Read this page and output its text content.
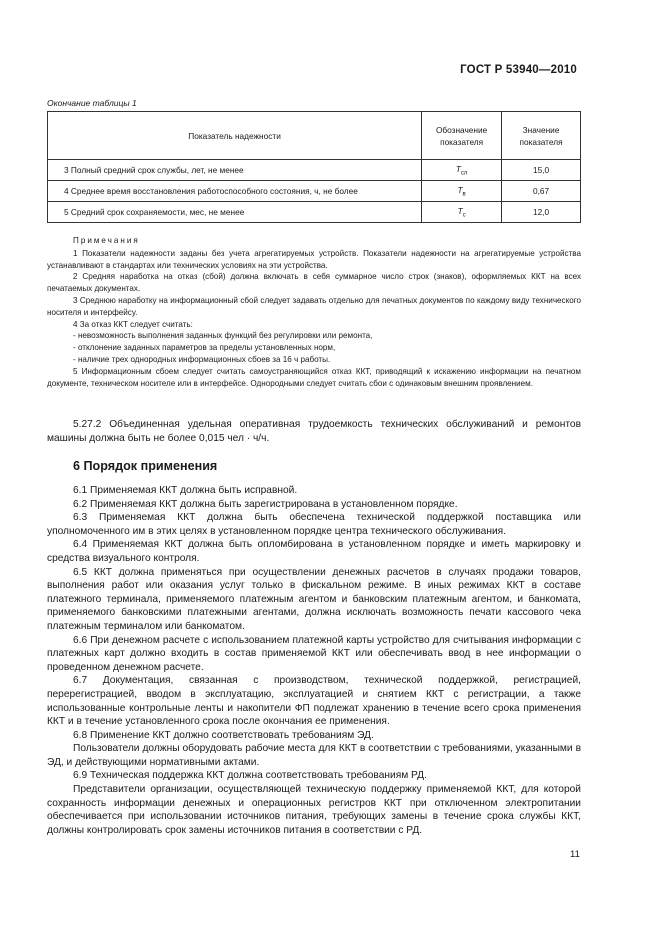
ГОСТ Р 53940—2010
Окончание таблицы 1
Показатель надежности	Обозначение показателя	Значение показателя
3 Полный средний срок службы, лет, не менее	$T_{сл}$	15,0
4 Среднее время восстановления работоспособного состояния, ч, не более	$T_в$	0,67
5 Средний срок сохраняемости, мес, не менее	$T_с$	12,0

Примечания

1 Показатели надежности заданы без учета агрегатируемых устройств. Показатели надежности на агрегатируемые устройства устанавливают в стандартах или технических условиях на эти устройства.

2 Средняя наработка на отказ (сбой) должна включать в себя суммарное число строк (знаков), оформляемых ККТ на всех печатаемых документах.

3 Среднюю наработку на информационный сбой следует задавать отдельно для печатных документов по каждому виду технического носителя и интерфейсу.

4 За отказ ККТ следует считать:

- невозможность выполнения заданных функций без регулировки или ремонта,

- отклонение заданных параметров за пределы установленных норм,

- наличие трех однородных информационных сбоев за 16 ч работы.

5 Информационным сбоем следует считать самоустраняющийся отказ ККТ, приводящий к искажению информации на печатном документе, техническом носителе или в интерфейсе. Однородными следует считать сбои с одинаковым внешним проявлением.

5.27.2 Объединенная удельная оперативная трудоемкость технических обслуживаний и ремонтов машины должна быть не более 0,015 чел · ч/ч.

6 Порядок применения

6.1 Применяемая ККТ должна быть исправной.

6.2 Применяемая ККТ должна быть зарегистрирована в установленном порядке.

6.3 Применяемая ККТ должна быть обеспечена технической поддержкой поставщика или уполномоченного им в этих целях в установленном порядке центра технического обслуживания.

6.4 Применяемая ККТ должна быть опломбирована в установленном порядке и иметь маркировку и средства визуального контроля.

6.5 ККТ должна применяться при осуществлении денежных расчетов в случаях продажи товаров, выполнения работ или оказания услуг только в фискальном режиме. В иных режимах ККТ в составе платежного терминала, применяемого платежным агентом и банковским платежным агентом, и банкомата, применяемого банковскими платежными агентами, должна исключать возможность печати кассового чека платежным терминалом или банкоматом.

6.6 При денежном расчете с использованием платежной карты устройство для считывания информации с платежных карт должно входить в состав применяемой ККТ или обеспечивать ввод в нее информации о проведенном денежном расчете.

6.7 Документация, связанная с производством, технической поддержкой, регистрацией, перерегистрацией, вводом в эксплуатацию, эксплуатацией и снятием ККТ с регистрации, а также использованные контрольные ленты и накопители ФП подлежат хранению в течение всего срока применения ККТ и в течение установленного срока после окончания ее применения.

6.8 Применение ККТ должно соответствовать требованиям ЭД.

Пользователи должны оборудовать рабочие места для ККТ в соответствии с требованиями, указанными в ЭД, и действующими нормативными актами.

6.9 Техническая поддержка ККТ должна соответствовать требованиям РД.

Представители организации, осуществляющей техническую поддержку применяемой ККТ, для которой сохранность информации денежных и операционных регистров ККТ при отключенном электропитании обеспечивается при использовании источников питания, требующих замены в течение срока службы ККТ, должны контролировать срок замены источников питания в соответствии с РД.

11
